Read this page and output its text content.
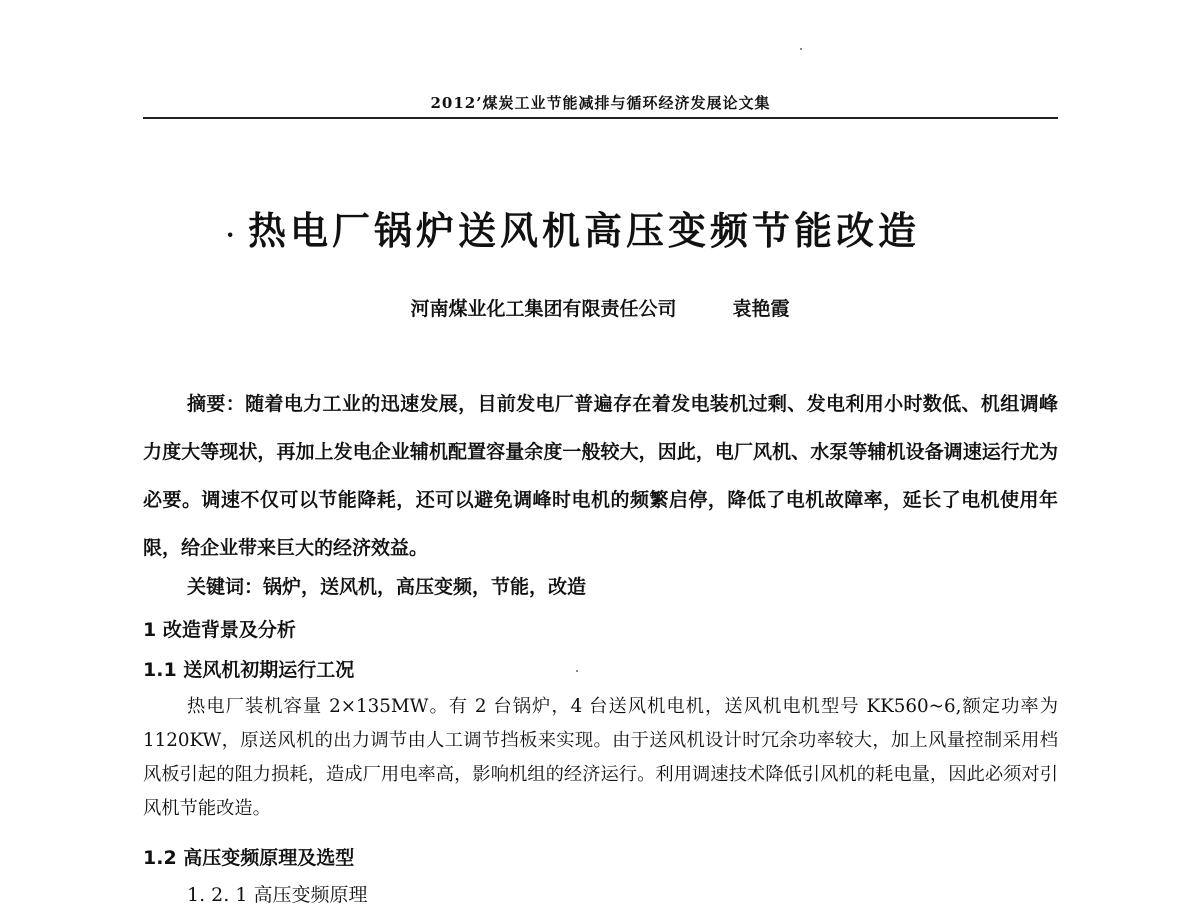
2012’煤炭工业节能减排与循环经济发展论文集
· 热电厂锅炉送风机高压变频节能改造
河南煤业化工集团有限责任公司	袁艳霞

摘要：随着电力工业的迅速发展，目前发电厂普遍存在着发电装机过剩、发电利用小时数低、机组调峰力度大等现状，再加上发电企业辅机配置容量余度一般较大，因此，电厂风机、水泵等辅机设备调速运行尤为必要。调速不仅可以节能降耗，还可以避免调峰时电机的频繁启停，降低了电机故障率，延长了电机使用年限，给企业带来巨大的经济效益。

关键词：锅炉，送风机，高压变频，节能，改造
1 改造背景及分析
1.1 送风机初期运行工况

热电厂装机容量 2×135MW。有 2 台锅炉，4 台送风机电机，送风机电机型号 KK560~6,额定功率为 1120KW，原送风机的出力调节由人工调节挡板来实现。由于送风机设计时冗余功率较大，加上风量控制采用档风板引起的阻力损耗，造成厂用电率高，影响机组的经济运行。利用调速技术降低引风机的耗电量，因此必须对引风机节能改造。

1.2 高压变频原理及选型
1. 2. 1 高压变频原理
